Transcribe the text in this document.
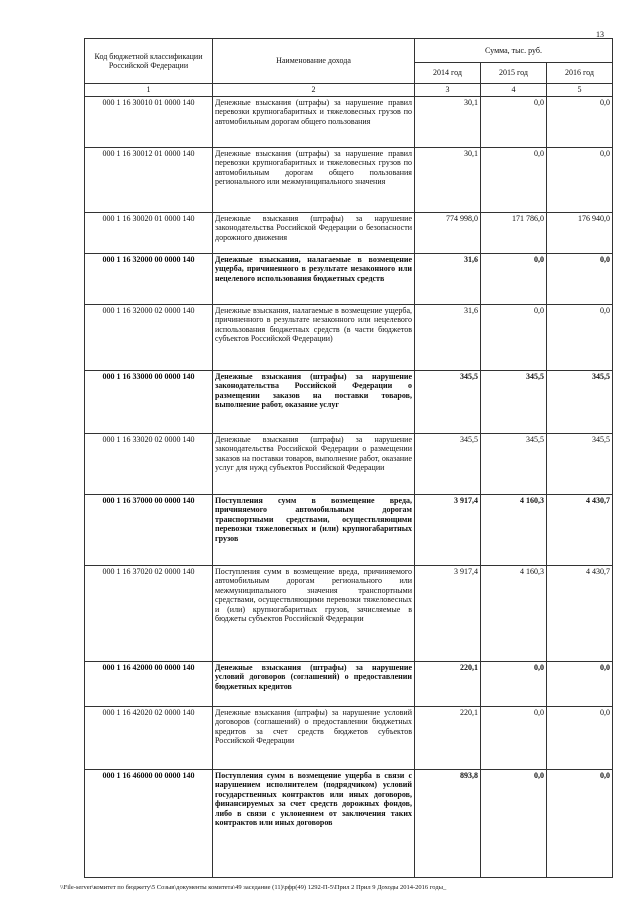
13
Код бюджетной классификации Российской Федерации	Наименование дохода	Сумма, тыс. руб.		
		2014 год	2015 год	2016 год
1	2	3	4	5
000 1 16 30010 01 0000 140	Денежные взыскания (штрафы) за нарушение правил перевозки крупногабаритных и тяжеловесных грузов по автомобильным дорогам общего пользования	30,1	0,0	0,0
000 1 16 30012 01 0000 140	Денежные взыскания (штрафы) за нарушение правил перевозки крупногабаритных и тяжеловесных грузов по автомобильным дорогам общего пользования регионального или межмуниципального значения	30,1	0,0	0,0
000 1 16 30020 01 0000 140	Денежные взыскания (штрафы) за нарушение законодательства Российской Федерации о безопасности дорожного движения	774 998,0	171 786,0	176 940,0
000 1 16 32000 00 0000 140	Денежные взыскания, налагаемые в возмещение ущерба, причиненного в результате незаконного или нецелевого использования бюджетных средств	31,6	0,0	0,0
000 1 16 32000 02 0000 140	Денежные взыскания, налагаемые в возмещение ущерба, причиненного в результате незаконного или нецелевого использования бюджетных средств (в части бюджетов субъектов Российской Федерации)	31,6	0,0	0,0
000 1 16 33000 00 0000 140	Денежные взыскания (штрафы) за нарушение законодательства Российской Федерации о размещении заказов на поставки товаров, выполнение работ, оказание услуг	345,5	345,5	345,5
000 1 16 33020 02 0000 140	Денежные взыскания (штрафы) за нарушение законодательства Российской Федерации о размещении заказов на поставки товаров, выполнение работ, оказание услуг для нужд субъектов Российской Федерации	345,5	345,5	345,5
000 1 16 37000 00 0000 140	Поступления сумм в возмещение вреда, причиняемого автомобильным дорогам транспортными средствами, осуществляющими перевозки тяжеловесных и (или) крупногабаритных грузов	3 917,4	4 160,3	4 430,7
000 1 16 37020 02 0000 140	Поступления сумм в возмещение вреда, причиняемого автомобильным дорогам регионального или межмуниципального значения транспортными средствами, осуществляющими перевозки тяжеловесных и (или) крупногабаритных грузов, зачисляемые в бюджеты субъектов Российской Федерации	3 917,4	4 160,3	4 430,7
000 1 16 42000 00 0000 140	Денежные взыскания (штрафы) за нарушение условий договоров (соглашений) о предоставлении бюджетных кредитов	220,1	0,0	0,0
000 1 16 42020 02 0000 140	Денежные взыскания (штрафы) за нарушение условий договоров (соглашений) о предоставлении бюджетных кредитов за счет средств бюджетов субъектов Российской Федерации	220,1	0,0	0,0
000 1 16 46000 00 0000 140	Поступления сумм в возмещение ущерба в связи с нарушением исполнителем (подрядчиком) условий государственных контрактов или иных договоров, финансируемых за счет средств дорожных фондов, либо в связи с уклонением от заключения таких контрактов или иных договоров	893,8	0,0	0,0
\\File-server\комитет по бюджету\5 Созыв\документы комитета\49 заседание (11)\рфр(49) 1292-П-5\Прил 2 Прил 9 Доходы 2014-2016 годы_
